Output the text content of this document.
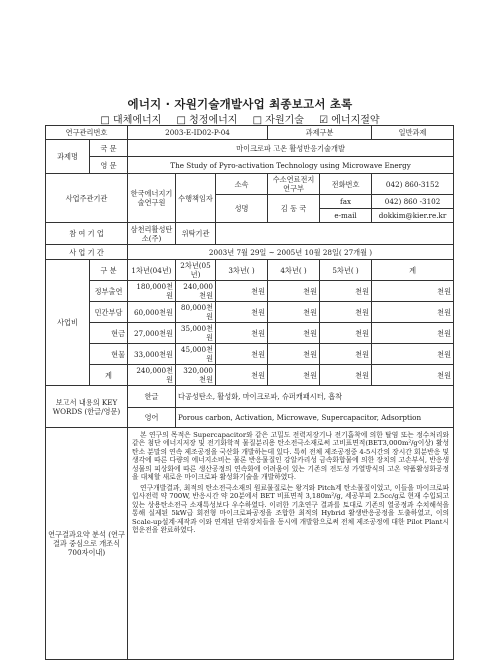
에너지 · 자원기술개발사업 최종보고서 초록
□ 대체에너지 □ 청정에너지 □ 자원기술 ☑ 에너지절약
연구관리번호		2003-E-ID02-P-04			과제구분		일반과제
과제명	국 문	마이크로파 고온 활성반응기술개발					
	영 문	The Study of Pyro-activation Technology using Microwave Energy					
사업주관기관		한국에너지기술연구원	수행책임자	소속	수소연료전지연구부	전화번호	042) 860-3152
				성명	김 동 국	fax	042) 860 -3102
						e-mail	dokkim@kier.re.kr
참 여 기 업		삼천리활성탄소(주)	위탁기관				
사 업 기 간		2003년 7월 29일 ~ 2005년 10월 28일( 27개월 )					
사업비	구 분	1차년(04년)	2차년(05년)	3차년( )	4차년( )	5차년( )	계
	정부출연	180,000천원	240,000천원	천원	천원	천원	천원
	민간부담	60,000천원	80,000천원	천원	천원	천원	천원
	현금	27,000천원	35,000천원	천원	천원	천원	천원
	현물	33,000천원	45,000천원	천원	천원	천원	천원
	계	240,000천원	320,000천원	천원	천원	천원	천원
보고서 내용의 KEY WORDS (한글/영문)		한글	다공성탄소, 활성화, 마이크로파, 슈퍼캐패시터, 흡착				
		영어	Porous carbon, Activation, Microwave, Supercapacitor, Adsorption				
연구결과요약 분석 (연구결과 중심으로 개조식 700자이내)		본 연구의 목적은 Supercapacitor와 같은 고밀도 전력저장기나 전기흡착에 의한 탈염 또는 정수처리와 같은 첨단 에너지저장 및 전기화학적 물질분리용 탄소전극소재로써 고비표면적(BET3,000m²/g이상) 활성탄소 분말의 연속 제조공정을 국산화 개발하는데 있다. 특히 전체 제조공정중 4-5시간의 장시간 회분반응 및 생각에 따른 다량의 에너지소비는 물론 반응물질인 강알카리성 금속화합물에 의한 장치의 고손부식, 반응생성물의 피상화에 따른 생산공정의 연속화에 어려움이 있는 기존의 전도성 가열방식의 고온 약품활성화공정을 대체할 새로운 마이크로파 활성화기술을 개발하였다.

연구개발결과, 최적의 탄소전극소재의 원료물질로는 왕겨와 Pitch계 탄소물질이었고, 이들을 마이크로파 입사전력 약 700W, 반응시간 약 20분에서 BET 비표면적 3,180m²/g, 세공부피 2.5cc/g로 현재 수입되고 있는 상용탄소전극 소재특성보다 우수하였다. 이러한 기초연구 결과를 토대로 기존의 열공정과 수치해석을 통해 실제된 5kW급 회전형 마이크로파공정을 조합한 최적의 Hybrid 활생반응공정을 도출하였고, 이의 Scale-up설계·제작과 이와 연계된 단위장치들을 동시에 개발함으로써 전체 제조공정에 대한 Pilot Plant시험운전을 완료하였다.					
